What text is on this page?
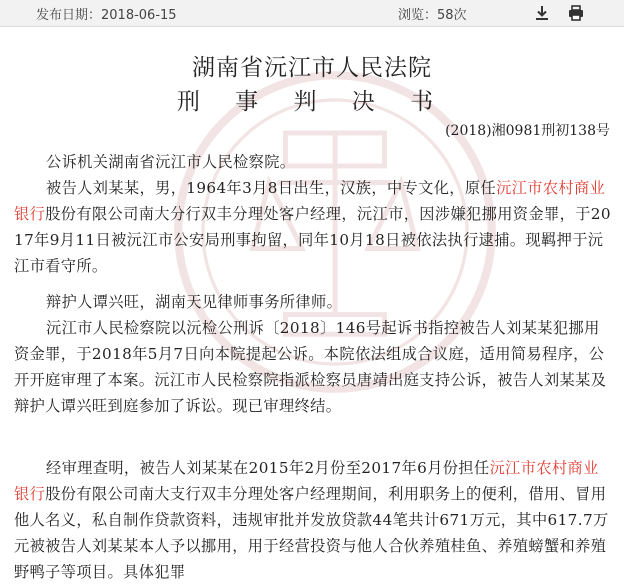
发布日期：2018-06-15	浏览：58次
湖南省沅江市人民法院
刑 事 判 决 书
(2018)湘0981刑初138号
公诉机关湖南省沅江市人民检察院。
被告人刘某某，男，1964年3月8日出生，汉族，中专文化，原任沅江市农村商业银行股份有限公司南大分行双丰分理处客户经理，沅江市，因涉嫌犯挪用资金罪，于2017年9月11日被沅江市公安局刑事拘留，同年10月18日被依法执行逮捕。现羁押于沅江市看守所。
辩护人谭兴旺，湖南天见律师事务所律师。
沅江市人民检察院以沅检公刑诉〔2018〕146号起诉书指控被告人刘某某犯挪用资金罪，于2018年5月7日向本院提起公诉。本院依法组成合议庭，适用简易程序，公开开庭审理了本案。沅江市人民检察院指派检察员唐靖出庭支持公诉，被告人刘某某及辩护人谭兴旺到庭参加了诉讼。现已审理终结。
经审理查明，被告人刘某某在2015年2月份至2017年6月份担任沅江市农村商业银行股份有限公司南大支行双丰分理处客户经理期间，利用职务上的便利，借用、冒用他人名义，私自制作贷款资料，违规审批并发放贷款44笔共计671万元，其中617.7万元被被告人刘某某本人予以挪用，用于经营投资与他人合伙养殖桂鱼、养殖螃蟹和养殖野鸭子等项目。具体犯罪
